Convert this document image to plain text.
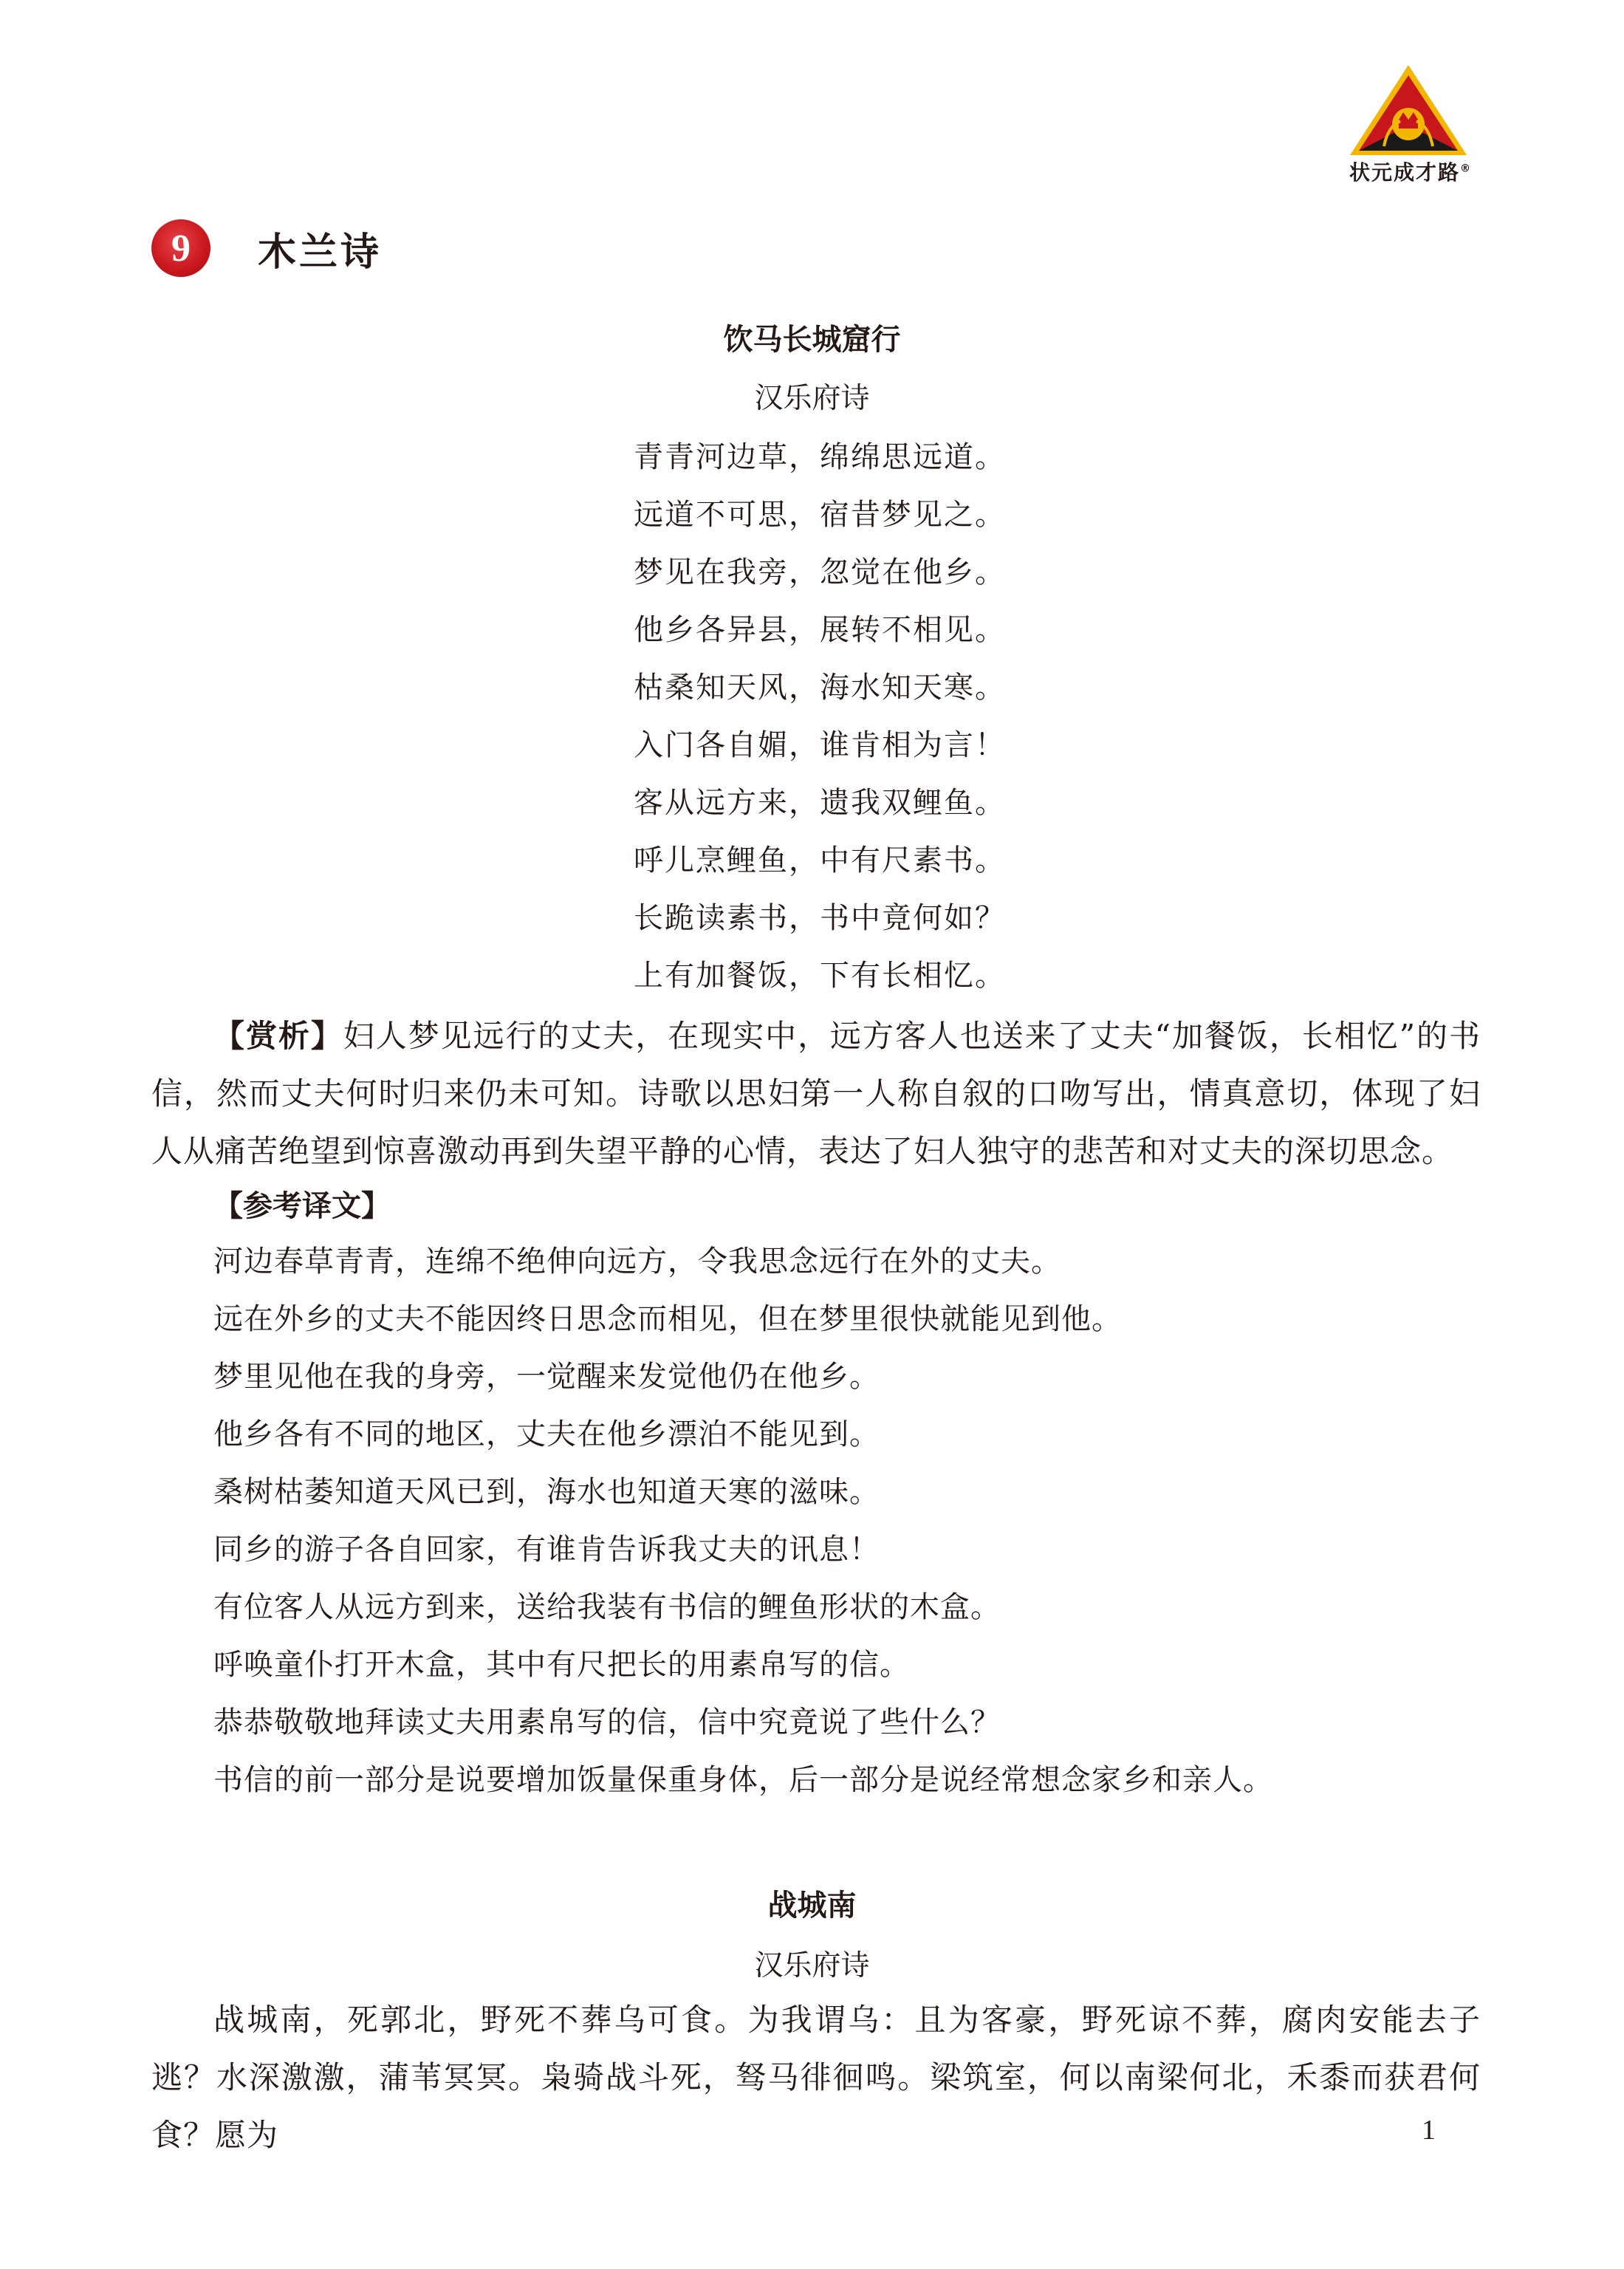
状元成才路®
9	木兰诗
饮马长城窟行
汉乐府诗
青青河边草，绵绵思远道。
远道不可思，宿昔梦见之。
梦见在我旁，忽觉在他乡。
他乡各异县，展转不相见。
枯桑知天风，海水知天寒。
入门各自媚，谁肯相为言！
客从远方来，遗我双鲤鱼。
呼儿烹鲤鱼，中有尺素书。
长跪读素书，书中竟何如？
上有加餐饭，下有长相忆。
【赏析】妇人梦见远行的丈夫，在现实中，远方客人也送来了丈夫“加餐饭，长相忆”的书信，然而丈夫何时归来仍未可知。诗歌以思妇第一人称自叙的口吻写出，情真意切，体现了妇人从痛苦绝望到惊喜激动再到失望平静的心情，表达了妇人独守的悲苦和对丈夫的深切思念。
【参考译文】
河边春草青青，连绵不绝伸向远方，令我思念远行在外的丈夫。
远在外乡的丈夫不能因终日思念而相见，但在梦里很快就能见到他。
梦里见他在我的身旁，一觉醒来发觉他仍在他乡。
他乡各有不同的地区，丈夫在他乡漂泊不能见到。
桑树枯萎知道天风已到，海水也知道天寒的滋味。
同乡的游子各自回家，有谁肯告诉我丈夫的讯息！
有位客人从远方到来，送给我装有书信的鲤鱼形状的木盒。
呼唤童仆打开木盒，其中有尺把长的用素帛写的信。
恭恭敬敬地拜读丈夫用素帛写的信，信中究竟说了些什么？
书信的前一部分是说要增加饭量保重身体，后一部分是说经常想念家乡和亲人。
战城南
汉乐府诗
战城南，死郭北，野死不葬乌可食。为我谓乌：且为客豪，野死谅不葬，腐肉安能去子逃？水深激激，蒲苇冥冥。枭骑战斗死，驽马徘徊鸣。梁筑室，何以南梁何北，禾黍而获君何食？愿为	1
